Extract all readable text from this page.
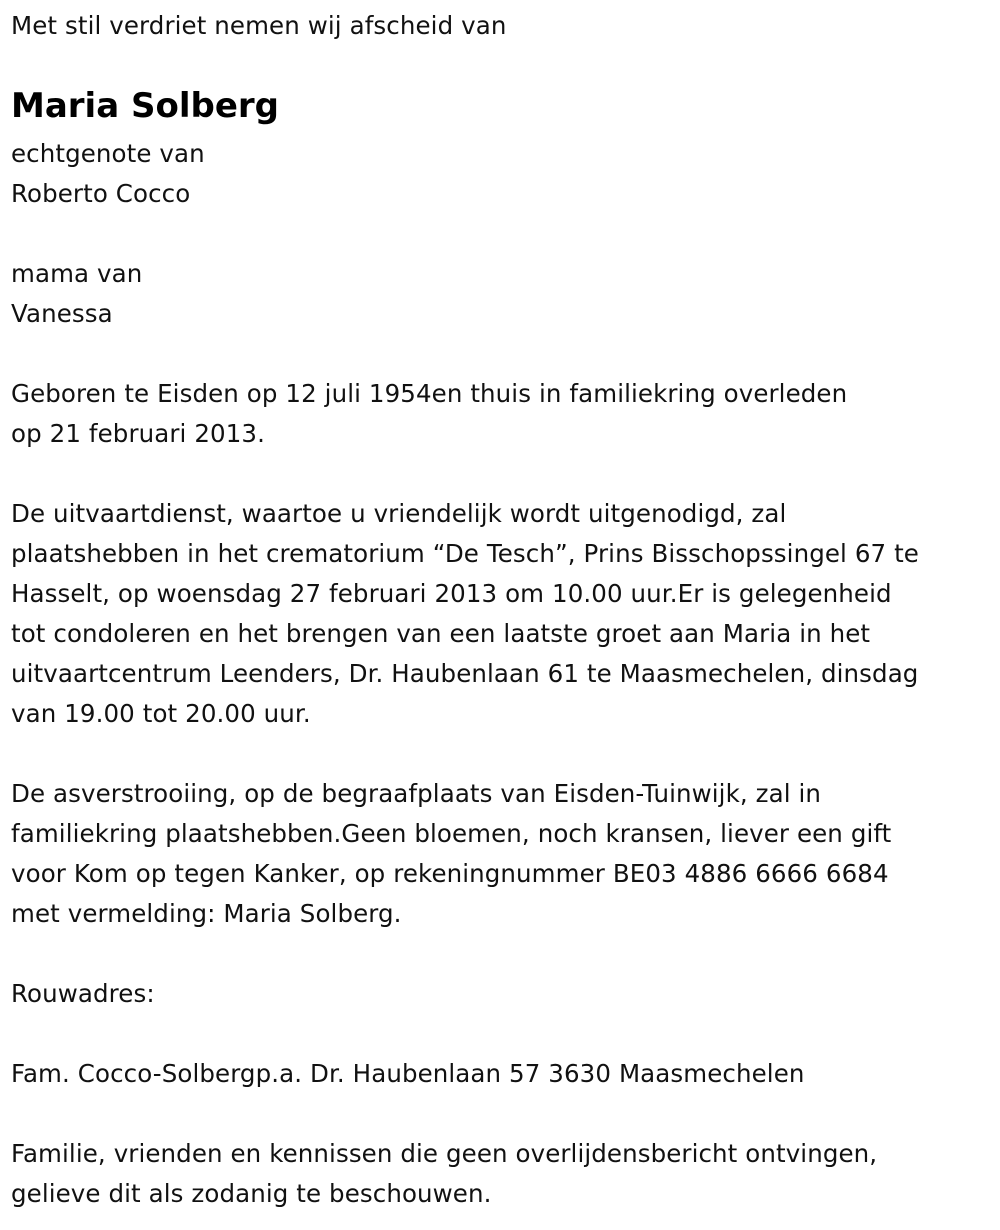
Met stil verdriet nemen wij afscheid van
Maria Solberg
echtgenote van
Roberto Cocco
mama van
Vanessa
Geboren te Eisden op 12 juli 1954en thuis in familiekring overleden
op 21 februari 2013.
De uitvaartdienst, waartoe u vriendelijk wordt uitgenodigd, zal
plaatshebben in het crematorium “De Tesch”, Prins Bisschopssingel 67 te
Hasselt, op woensdag 27 februari 2013 om 10.00 uur.Er is gelegenheid
tot condoleren en het brengen van een laatste groet aan Maria in het
uitvaartcentrum Leenders, Dr. Haubenlaan 61 te Maasmechelen, dinsdag
van 19.00 tot 20.00 uur.
De asverstrooiing, op de begraafplaats van Eisden-Tuinwijk, zal in
familiekring plaatshebben.Geen bloemen, noch kransen, liever een gift
voor Kom op tegen Kanker, op rekeningnummer BE03 4886 6666 6684
met vermelding: Maria Solberg.
Rouwadres:
Fam. Cocco-Solbergp.a. Dr. Haubenlaan 57 3630 Maasmechelen
Familie, vrienden en kennissen die geen overlijdensbericht ontvingen,
gelieve dit als zodanig te beschouwen.
